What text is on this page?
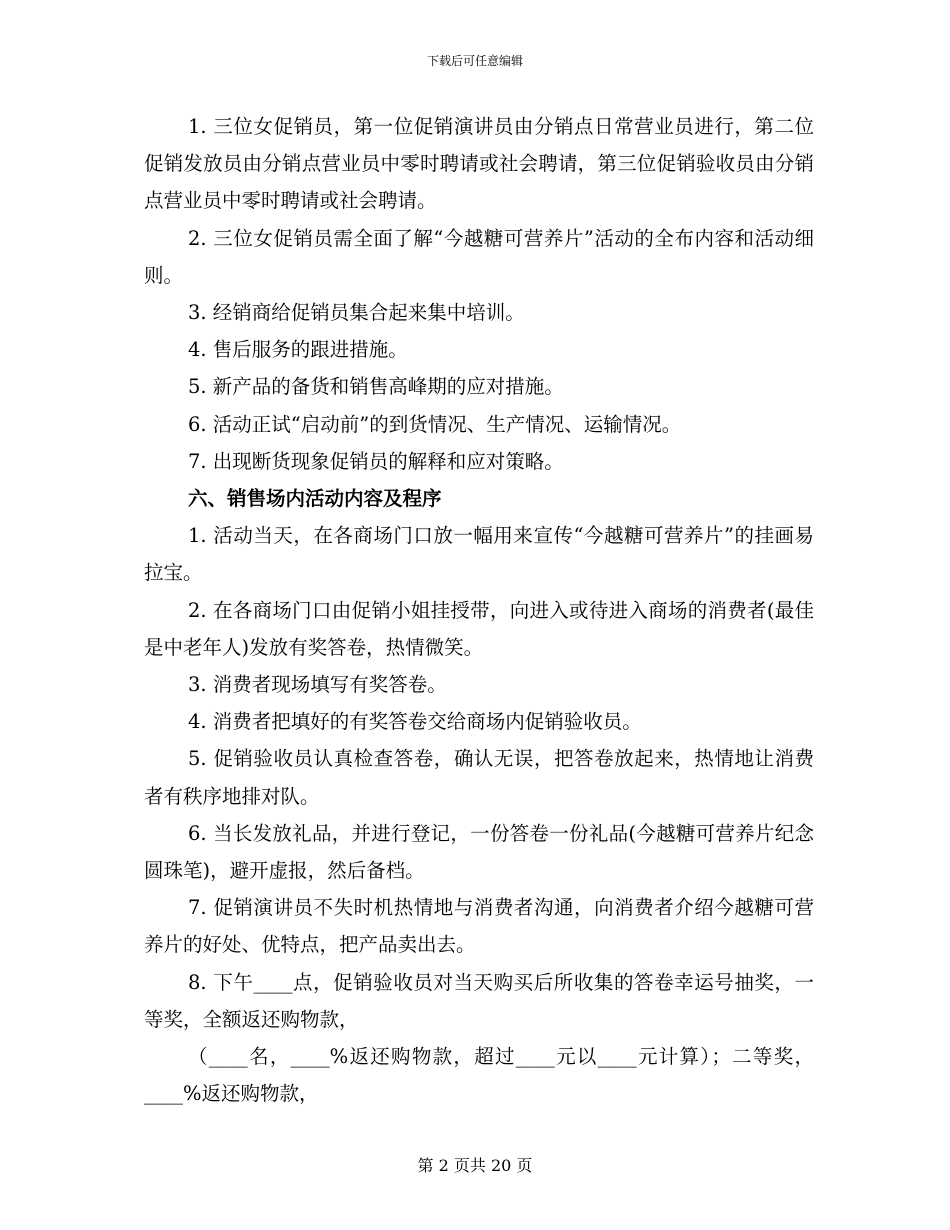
下载后可任意编辑

1. 三位女促销员，第一位促销演讲员由分销点日常营业员进行，第二位促销发放员由分销点营业员中零时聘请或社会聘请，第三位促销验收员由分销点营业员中零时聘请或社会聘请。

2. 三位女促销员需全面了解“今越糖可营养片”活动的全布内容和活动细则。

3. 经销商给促销员集合起来集中培训。

4. 售后服务的跟进措施。

5. 新产品的备货和销售高峰期的应对措施。

6. 活动正试“启动前”的到货情况、生产情况、运输情况。

7. 出现断货现象促销员的解释和应对策略。

六、销售场内活动内容及程序

1. 活动当天，在各商场门口放一幅用来宣传“今越糖可营养片”的挂画易拉宝。

2. 在各商场门口由促销小姐挂授带，向进入或待进入商场的消费者(最佳是中老年人)发放有奖答卷，热情微笑。

3. 消费者现场填写有奖答卷。

4. 消费者把填好的有奖答卷交给商场内促销验收员。

5. 促销验收员认真检查答卷，确认无误，把答卷放起来，热情地让消费者有秩序地排对队。

6. 当长发放礼品，并进行登记，一份答卷一份礼品(今越糖可营养片纪念圆珠笔)，避开虚报，然后备档。

7. 促销演讲员不失时机热情地与消费者沟通，向消费者介绍今越糖可营养片的好处、优特点，把产品卖出去。

8. 下午____点，促销验收员对当天购买后所收集的答卷幸运号抽奖，一等奖，全额返还购物款，

（____名，____%返还购物款，超过____元以____元计算）；二等奖，____%返还购物款，

第 2 页共 20 页
